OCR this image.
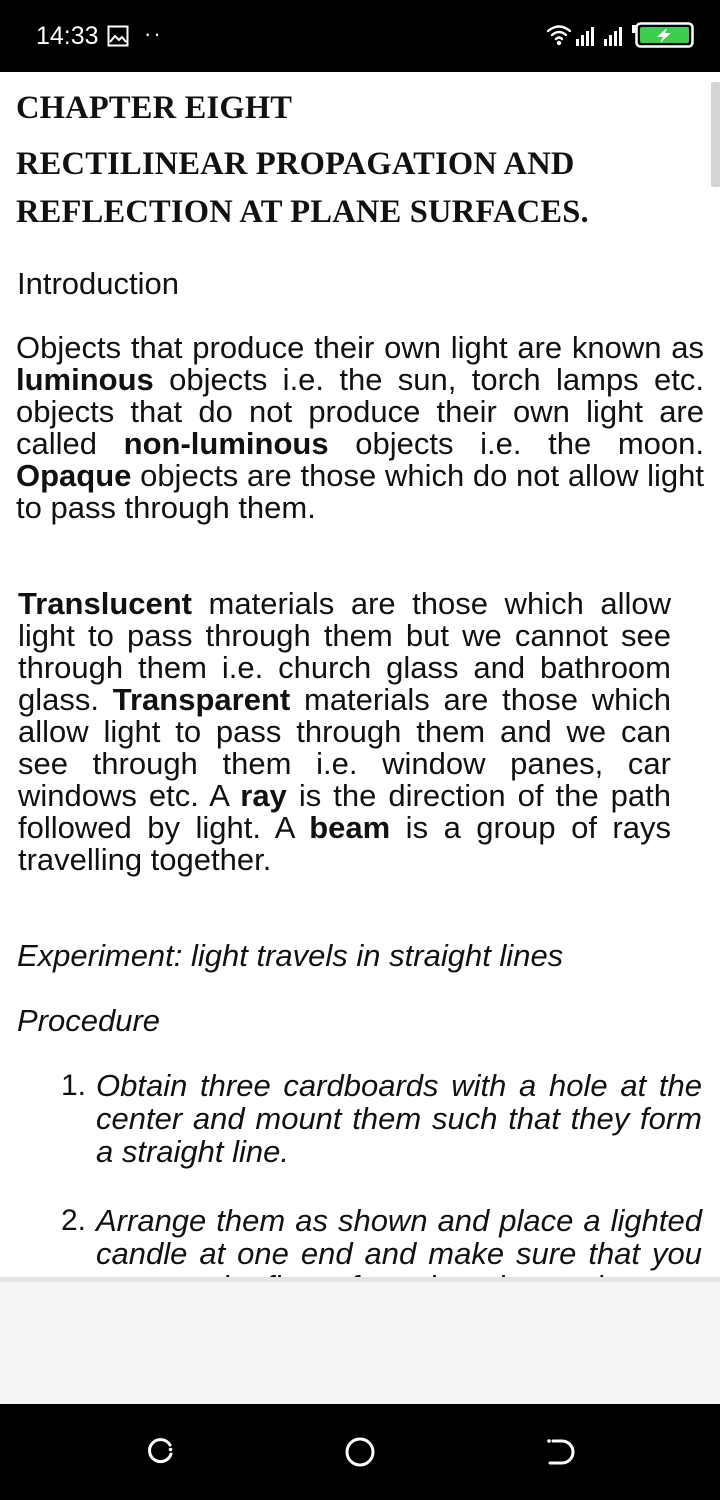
14:33 ··
CHAPTER EIGHT
RECTILINEAR PROPAGATION AND
REFLECTION AT PLANE SURFACES.

Introduction

Objects that produce their own light are known as luminous objects i.e. the sun, torch lamps etc. objects that do not produce their own light are called non-luminous objects i.e. the moon. Opaque objects are those which do not allow light to pass through them.

Translucent materials are those which allow light to pass through them but we cannot see through them i.e. church glass and bathroom glass. Transparent materials are those which allow light to pass through them and we can see through them i.e. window panes, car windows etc. A ray is the direction of the path followed by light. A beam is a group of rays travelling together.

Experiment: light travels in straight lines

Procedure

1. Obtain three cardboards with a hole at the center and mount them such that they form a straight line.
2. Arrange them as shown and place a lighted candle at one end and make sure that you
